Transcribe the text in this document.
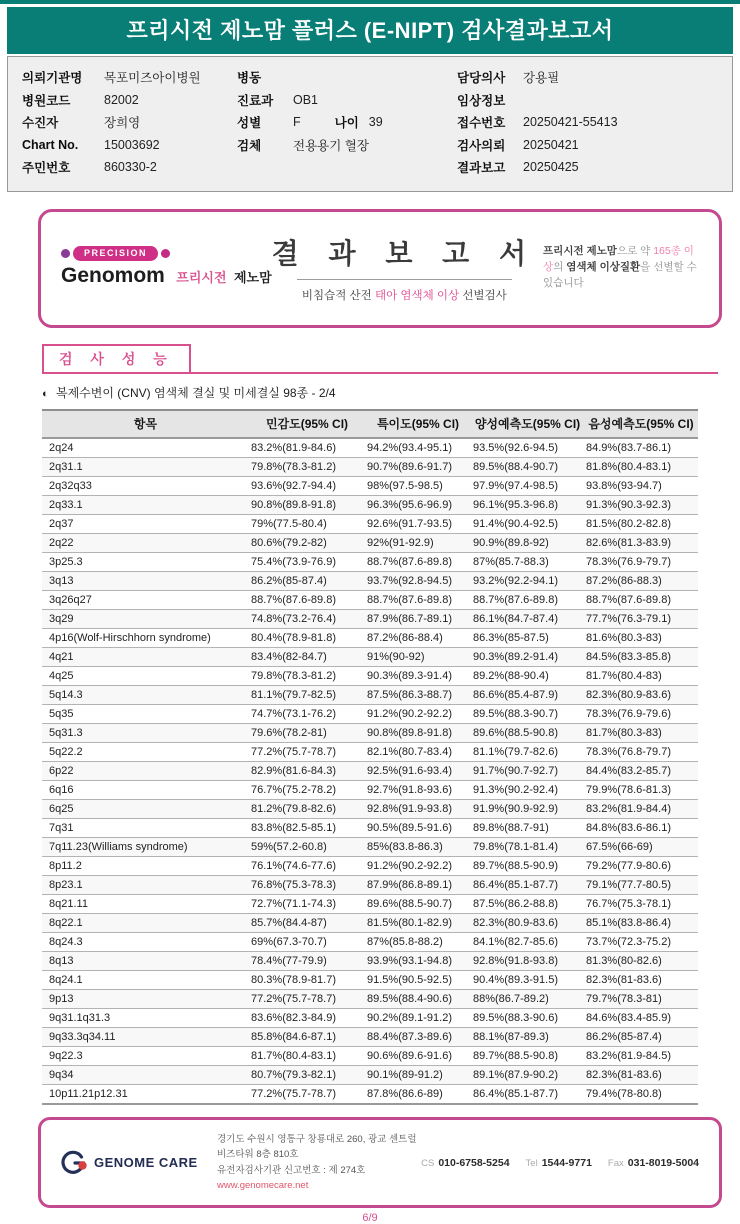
프리시전 제노맘 플러스 (E-NIPT) 검사결과보고서
의뢰기관명	목포미즈아이병원
병원코드	82002
수진자	장희영
Chart No.	15003692
주민번호	860330-2
병동
진료과	OB1
성별	F	나이 39
검체	전용용기 혈장
담당의사	강용필
임상정보
접수번호	20250421-55413
검사의뢰	20250421
결과보고	20250425
PRECISION
Genomom 프리시전 제노맘
결 과 보 고 서
비침습적 산전 태아 염색체 이상 선별검사
프리시전 제노맘으로 약 165종 이상의 염색체 이상질환을 선별할 수 있습니다
검 사 성 능
◐ 복제수변이 (CNV) 염색체 결실 및 미세결실 98종 - 2/4
항목	민감도(95% CI)	특이도(95% CI)	양성예측도(95% CI)	음성예측도(95% CI)
2q24	83.2%(81.9-84.6)	94.2%(93.4-95.1)	93.5%(92.6-94.5)	84.9%(83.7-86.1)
2q31.1	79.8%(78.3-81.2)	90.7%(89.6-91.7)	89.5%(88.4-90.7)	81.8%(80.4-83.1)
2q32q33	93.6%(92.7-94.4)	98%(97.5-98.5)	97.9%(97.4-98.5)	93.8%(93-94.7)
2q33.1	90.8%(89.8-91.8)	96.3%(95.6-96.9)	96.1%(95.3-96.8)	91.3%(90.3-92.3)
2q37	79%(77.5-80.4)	92.6%(91.7-93.5)	91.4%(90.4-92.5)	81.5%(80.2-82.8)
2q22	80.6%(79.2-82)	92%(91-92.9)	90.9%(89.8-92)	82.6%(81.3-83.9)
3p25.3	75.4%(73.9-76.9)	88.7%(87.6-89.8)	87%(85.7-88.3)	78.3%(76.9-79.7)
3q13	86.2%(85-87.4)	93.7%(92.8-94.5)	93.2%(92.2-94.1)	87.2%(86-88.3)
3q26q27	88.7%(87.6-89.8)	88.7%(87.6-89.8)	88.7%(87.6-89.8)	88.7%(87.6-89.8)
3q29	74.8%(73.2-76.4)	87.9%(86.7-89.1)	86.1%(84.7-87.4)	77.7%(76.3-79.1)
4p16(Wolf-Hirschhorn syndrome)	80.4%(78.9-81.8)	87.2%(86-88.4)	86.3%(85-87.5)	81.6%(80.3-83)
4q21	83.4%(82-84.7)	91%(90-92)	90.3%(89.2-91.4)	84.5%(83.3-85.8)
4q25	79.8%(78.3-81.2)	90.3%(89.3-91.4)	89.2%(88-90.4)	81.7%(80.4-83)
5q14.3	81.1%(79.7-82.5)	87.5%(86.3-88.7)	86.6%(85.4-87.9)	82.3%(80.9-83.6)
5q35	74.7%(73.1-76.2)	91.2%(90.2-92.2)	89.5%(88.3-90.7)	78.3%(76.9-79.6)
5q31.3	79.6%(78.2-81)	90.8%(89.8-91.8)	89.6%(88.5-90.8)	81.7%(80.3-83)
5q22.2	77.2%(75.7-78.7)	82.1%(80.7-83.4)	81.1%(79.7-82.6)	78.3%(76.8-79.7)
6p22	82.9%(81.6-84.3)	92.5%(91.6-93.4)	91.7%(90.7-92.7)	84.4%(83.2-85.7)
6q16	76.7%(75.2-78.2)	92.7%(91.8-93.6)	91.3%(90.2-92.4)	79.9%(78.6-81.3)
6q25	81.2%(79.8-82.6)	92.8%(91.9-93.8)	91.9%(90.9-92.9)	83.2%(81.9-84.4)
7q31	83.8%(82.5-85.1)	90.5%(89.5-91.6)	89.8%(88.7-91)	84.8%(83.6-86.1)
7q11.23(Williams syndrome)	59%(57.2-60.8)	85%(83.8-86.3)	79.8%(78.1-81.4)	67.5%(66-69)
8p11.2	76.1%(74.6-77.6)	91.2%(90.2-92.2)	89.7%(88.5-90.9)	79.2%(77.9-80.6)
8p23.1	76.8%(75.3-78.3)	87.9%(86.8-89.1)	86.4%(85.1-87.7)	79.1%(77.7-80.5)
8q21.11	72.7%(71.1-74.3)	89.6%(88.5-90.7)	87.5%(86.2-88.8)	76.7%(75.3-78.1)
8q22.1	85.7%(84.4-87)	81.5%(80.1-82.9)	82.3%(80.9-83.6)	85.1%(83.8-86.4)
8q24.3	69%(67.3-70.7)	87%(85.8-88.2)	84.1%(82.7-85.6)	73.7%(72.3-75.2)
8q13	78.4%(77-79.9)	93.9%(93.1-94.8)	92.8%(91.8-93.8)	81.3%(80-82.6)
8q24.1	80.3%(78.9-81.7)	91.5%(90.5-92.5)	90.4%(89.3-91.5)	82.3%(81-83.6)
9p13	77.2%(75.7-78.7)	89.5%(88.4-90.6)	88%(86.7-89.2)	79.7%(78.3-81)
9q31.1q31.3	83.6%(82.3-84.9)	90.2%(89.1-91.2)	89.5%(88.3-90.6)	84.6%(83.4-85.9)
9q33.3q34.11	85.8%(84.6-87.1)	88.4%(87.3-89.6)	88.1%(87-89.3)	86.2%(85-87.4)
9q22.3	81.7%(80.4-83.1)	90.6%(89.6-91.6)	89.7%(88.5-90.8)	83.2%(81.9-84.5)
9q34	80.7%(79.3-82.1)	90.1%(89-91.2)	89.1%(87.9-90.2)	82.3%(81-83.6)
10p11.21p12.31	77.2%(75.7-78.7)	87.8%(86.6-89)	86.4%(85.1-87.7)	79.4%(78-80.8)
GENOME CARE
경기도 수원시 영통구 창룡대로 260, 광교 센트럴비즈타워 8층 810호
유전자검사기관 신고번호 : 제 274호
www.genomecare.net
CS 010-6758-5254 Tel 1544-9771 Fax 031-8019-5004
6/9
